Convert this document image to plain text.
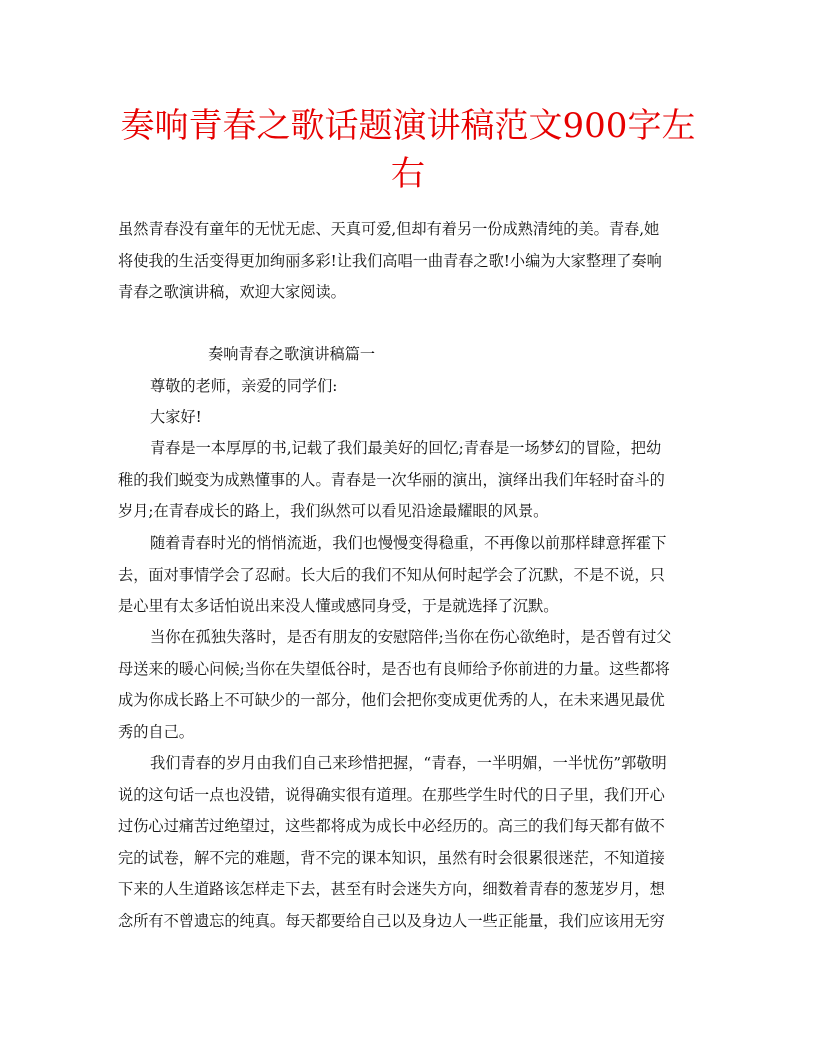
奏响青春之歌话题演讲稿范文900字左
右

虽然青春没有童年的无忧无虑、天真可爱,但却有着另一份成熟清纯的美。青春,她
将使我的生活变得更加绚丽多彩!让我们高唱一曲青春之歌!小编为大家整理了奏响
青春之歌演讲稿，欢迎大家阅读。

奏响青春之歌演讲稿篇一

尊敬的老师，亲爱的同学们:

大家好!

青春是一本厚厚的书,记载了我们最美好的回忆;青春是一场梦幻的冒险，把幼
稚的我们蜕变为成熟懂事的人。青春是一次华丽的演出，演绎出我们年轻时奋斗的
岁月;在青春成长的路上，我们纵然可以看见沿途最耀眼的风景。

随着青春时光的悄悄流逝，我们也慢慢变得稳重，不再像以前那样肆意挥霍下
去，面对事情学会了忍耐。长大后的我们不知从何时起学会了沉默，不是不说，只
是心里有太多话怕说出来没人懂或感同身受，于是就选择了沉默。

当你在孤独失落时，是否有朋友的安慰陪伴;当你在伤心欲绝时，是否曾有过父
母送来的暖心问候;当你在失望低谷时，是否也有良师给予你前进的力量。这些都将
成为你成长路上不可缺少的一部分，他们会把你变成更优秀的人，在未来遇见最优
秀的自己。

我们青春的岁月由我们自己来珍惜把握，“青春，一半明媚，一半忧伤”郭敬明
说的这句话一点也没错，说得确实很有道理。在那些学生时代的日子里，我们开心
过伤心过痛苦过绝望过，这些都将成为成长中必经历的。高三的我们每天都有做不
完的试卷，解不完的难题，背不完的课本知识，虽然有时会很累很迷茫，不知道接
下来的人生道路该怎样走下去，甚至有时会迷失方向，细数着青春的葱茏岁月，想
念所有不曾遗忘的纯真。每天都要给自己以及身边人一些正能量，我们应该用无穷
